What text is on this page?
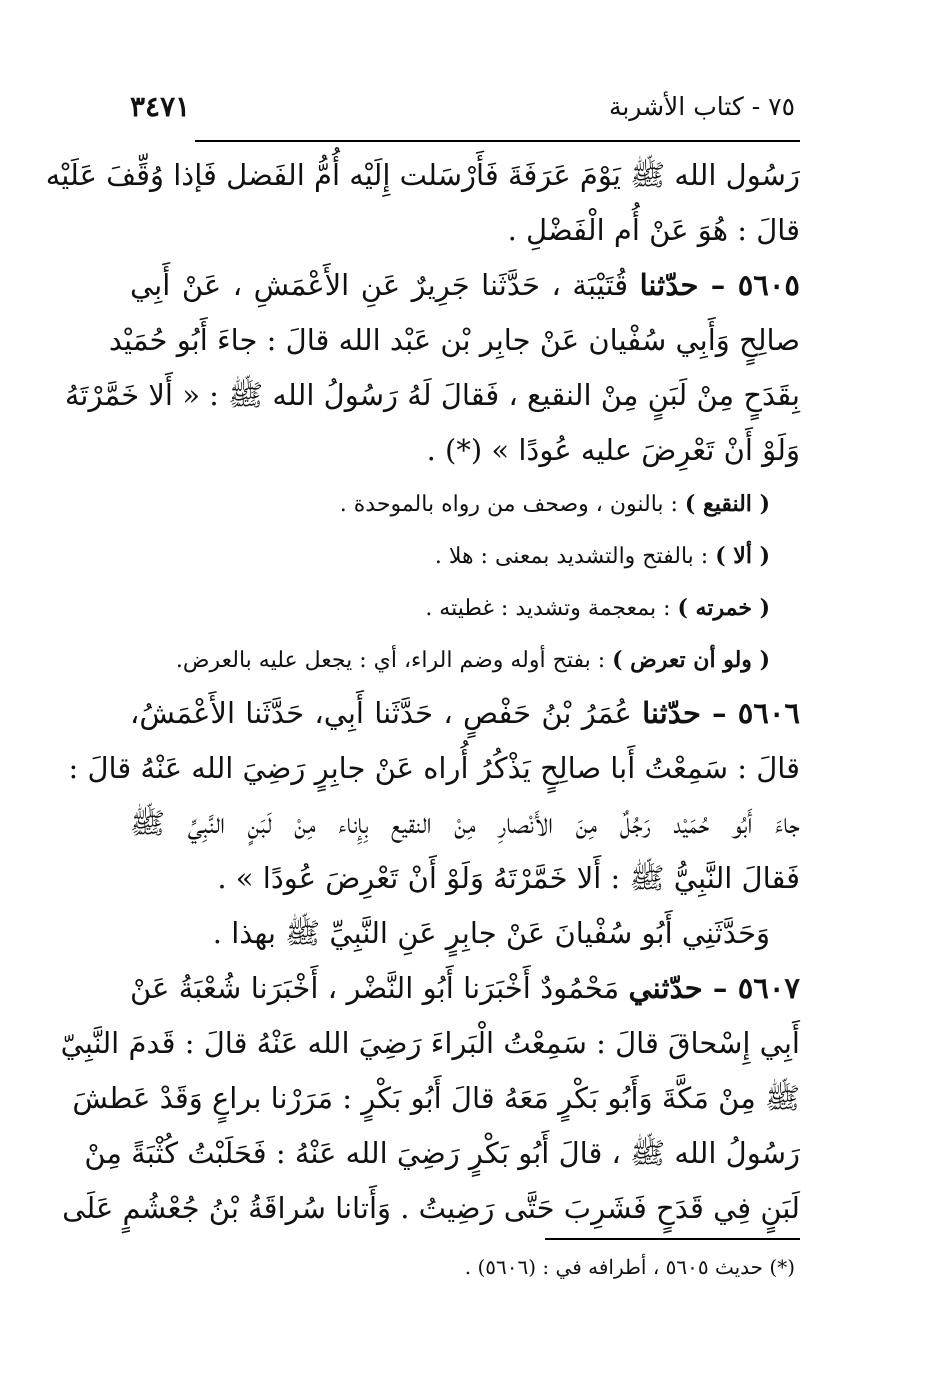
٧٥ - كتاب الأشربة
٣٤٧١
رَسُول الله ﷺ يَوْمَ عَرَفَةَ فَأَرْسَلت إِلَيْه أُمُّ الفَضل فَإذا وُقِّفَ عَلَيْه
قالَ : هُوَ عَنْ أُم الْفَضْلِ .
٥٦٠٥ – حدّثنا قُتَيْبَة ، حَدَّثَنا جَرِيرٌ عَنِ الأَعْمَشِ ، عَنْ أَبِي
صالِحٍ وَأَبِي سُفْيان عَنْ جابِر بْن عَبْد الله قالَ : جاءَ أَبُو حُمَيْد
بِقَدَحٍ مِنْ لَبَنٍ مِنْ النقيع ، فَقالَ لَهُ رَسُولُ الله ﷺ : « أَلا خَمَّرْتَهُ
وَلَوْ أَنْ تَعْرِضَ عليه عُودًا » (*) .
( النقيع ) : بالنون ، وصحف من رواه بالموحدة .
( ألا ) : بالفتح والتشديد بمعنى : هلا .
( خمرته ) : بمعجمة وتشديد : غطيته .
( ولو أن تعرض ) : بفتح أوله وضم الراء، أي : يجعل عليه بالعرض.
٥٦٠٦ – حدّثنا عُمَرُ بْنُ حَفْصٍ ، حَدَّثَنا أَبِي، حَدَّثَنا الأَعْمَشُ،
قالَ : سَمِعْتُ أَبا صالِحٍ يَذْكُرُ أُراه عَنْ جابِرٍ رَضِيَ الله عَنْهُ قالَ :
جاءَ أَبُو حُمَيْد رَجُلٌ مِنَ الأَنْصارِ مِنْ النقيع بِإِناء مِنْ لَبَنٍ النَّبِيِّ ﷺ
فَقالَ النَّبِيُّ ﷺ : أَلا خَمَّرْتَهُ وَلَوْ أَنْ تَعْرِضَ عُودًا » .
وَحَدَّثَنِي أَبُو سُفْيانَ عَنْ جابِرٍ عَنِ النَّبِيِّ ﷺ بهذا .
٥٦٠٧ – حدّثني مَحْمُودٌ أَخْبَرَنا أَبُو النَّضْر ، أَخْبَرَنا شُعْبَةُ عَنْ
أَبِي إِسْحاقَ قالَ : سَمِعْتُ الْبَراءَ رَضِيَ الله عَنْهُ قالَ : قَدمَ النَّبِيّ
ﷺ مِنْ مَكَّةَ وَأَبُو بَكْرٍ مَعَهُ قالَ أَبُو بَكْرٍ : مَرَرْنا براعٍ وَقَدْ عَطشَ
رَسُولُ الله ﷺ ، قالَ أَبُو بَكْرٍ رَضِيَ الله عَنْهُ : فَحَلَبْتُ كُثْبَةً مِنْ
لَبَنٍ فِي قَدَحٍ فَشَرِبَ حَتَّى رَضِيتُ . وَأَتانا سُراقَةُ بْنُ جُعْشُمٍ عَلَى
(*) حديث ٥٦٠٥ ، أطرافه في : (٥٦٠٦) .
